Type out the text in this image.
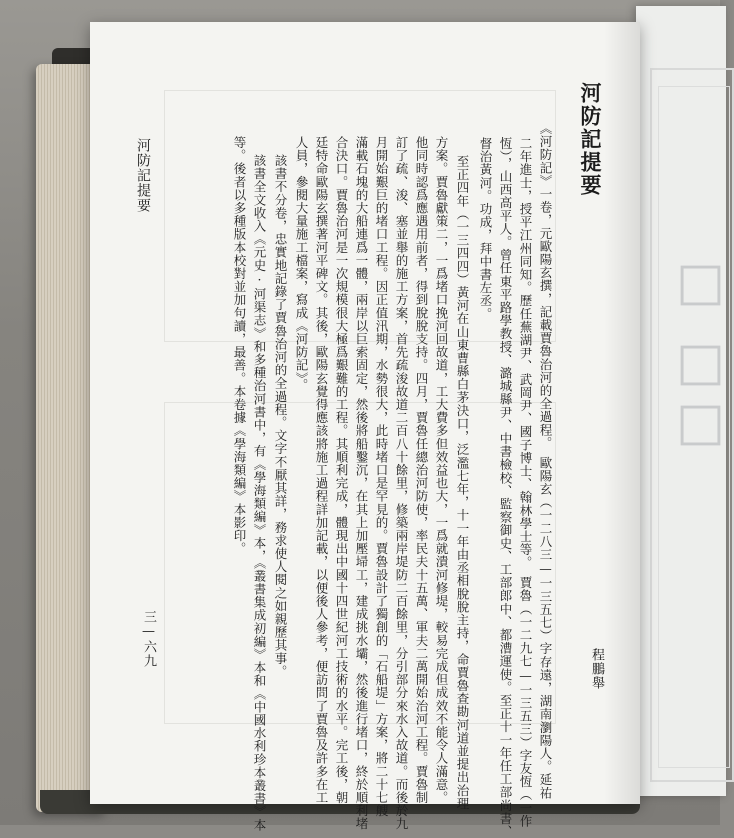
□
□
□
河防記提要
程鵬舉
河防記提要
三—六九	《河防記》一卷，元歐陽玄撰，記載賈魯治河的全過程。　歐陽玄（一二八三—一三五七）字存遠，湖南瀏陽人。延祐
二年進士，授平江州同知。歷任蕪湖尹、武岡尹、國子博士、翰林學士等。　賈魯（一二九七—一三五三）字友恆（一作
恆），山西高平人。曾任東平路學教授、潞城縣尹、中書檢校、監察御史、工部郎中、都漕運使。至正十一年任工部尚書、
督治黃河。功成，拜中書左丞。
至正四年（一三四四）黃河在山東曹縣白茅決口，泛濫七年，十一年由丞相脫脫主持，命賈魯查勘河道並提出治理
方案。賈魯獻策二，一爲堵口挽河回故道，工大費多但效益也大，一爲就潰河修堤，較易完成但成效不能令人滿意。
他同時認爲應遇用前者，得到脫脫支持。四月，賈魯任總治河防使，率民夫十五萬、軍夫二萬開始治河工程。賈魯制
訂了疏、浚、塞並舉的施工方案，首先疏浚故道二百八十餘里，修築兩岸堤防二百餘里，分引部分來水入故道。而後於九
月開始艱巨的堵口工程。因正值汛期，水勢很大，此時堵口是罕見的。賈魯設計了獨創的「石船堤」方案，將二十七艘
滿載石塊的大船連爲一體，兩岸以巨索固定，然後將船鑿沉，在其上加壓埽工，建成挑水壩，然後進行堵口，終於順利堵
合決口。賈魯治河是一次規模很大極爲艱難的工程。其順利完成，體現出中國十四世紀河工技術的水平。完工後，朝
廷特命歐陽玄撰著河平碑文。其後，歐陽玄覺得應該將施工過程詳加記載，以便後人參考，便訪問了賈魯及許多在工
人員，參閱大量施工檔案，寫成《河防記》。
該書不分卷，忠實地記錄了賈魯治河的全過程。文字不厭其詳，務求使人閱之如親歷其事。
該書全文收入《元史·河渠志》和多種治河書中，有《學海類編》本，《叢書集成初編》本和《中國水利珍本叢書》本
等。後者以多種版本校對並加句讀，最善。本卷據《學海類編》本影印。
